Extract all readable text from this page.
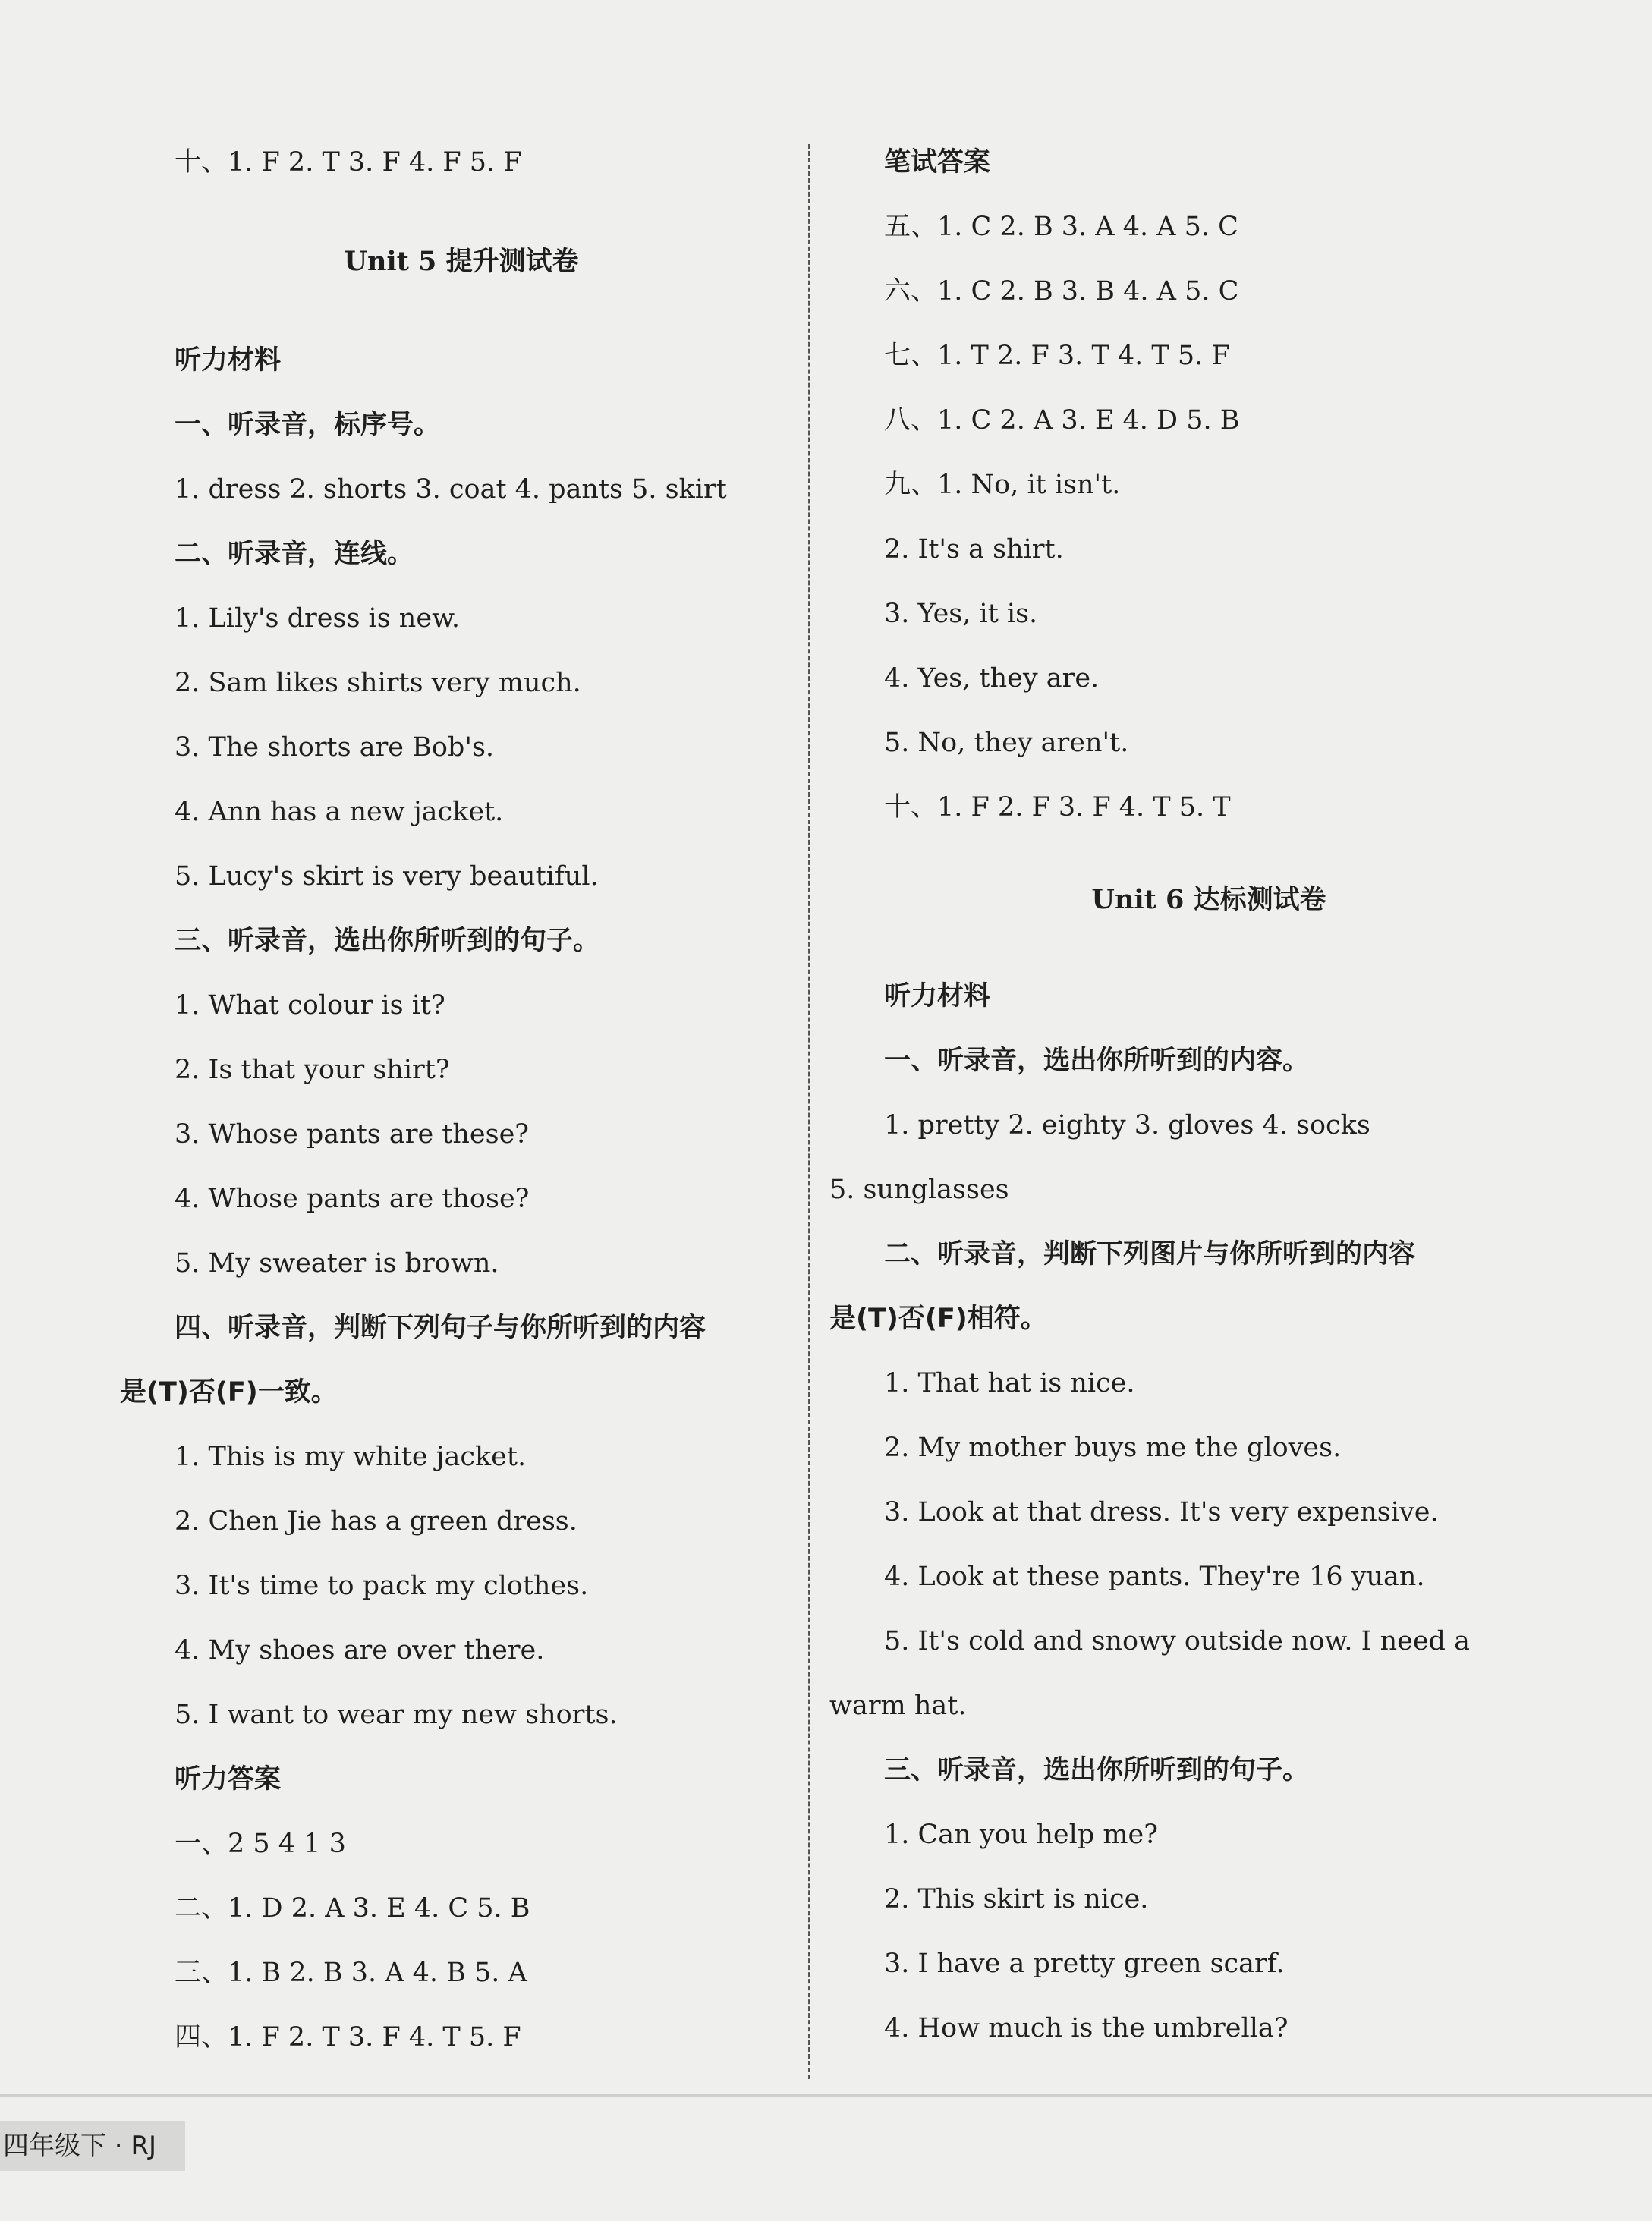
十、1. F 2. T 3. F 4. F 5. F
Unit 5 提升测试卷
听力材料
一、听录音，标序号。
1. dress 2. shorts 3. coat 4. pants 5. skirt
二、听录音，连线。
1. Lily's dress is new.
2. Sam likes shirts very much.
3. The shorts are Bob's.
4. Ann has a new jacket.
5. Lucy's skirt is very beautiful.
三、听录音，选出你所听到的句子。
1. What colour is it?
2. Is that your shirt?
3. Whose pants are these?
4. Whose pants are those?
5. My sweater is brown.
四、听录音，判断下列句子与你所听到的内容
是(T)否(F)一致。
1. This is my white jacket.
2. Chen Jie has a green dress.
3. It's time to pack my clothes.
4. My shoes are over there.
5. I want to wear my new shorts.
听力答案
一、2 5 4 1 3
二、1. D 2. A 3. E 4. C 5. B
三、1. B 2. B 3. A 4. B 5. A
四、1. F 2. T 3. F 4. T 5. F
笔试答案
五、1. C 2. B 3. A 4. A 5. C
六、1. C 2. B 3. B 4. A 5. C
七、1. T 2. F 3. T 4. T 5. F
八、1. C 2. A 3. E 4. D 5. B
九、1. No, it isn't.
2. It's a shirt.
3. Yes, it is.
4. Yes, they are.
5. No, they aren't.
十、1. F 2. F 3. F 4. T 5. T
Unit 6 达标测试卷
听力材料
一、听录音，选出你所听到的内容。
1. pretty 2. eighty 3. gloves 4. socks
5. sunglasses
二、听录音，判断下列图片与你所听到的内容
是(T)否(F)相符。
1. That hat is nice.
2. My mother buys me the gloves.
3. Look at that dress. It's very expensive.
4. Look at these pants. They're 16 yuan.
5. It's cold and snowy outside now. I need a
warm hat.
三、听录音，选出你所听到的句子。
1. Can you help me?
2. This skirt is nice.
3. I have a pretty green scarf.
4. How much is the umbrella?
四年级下 · RJ
